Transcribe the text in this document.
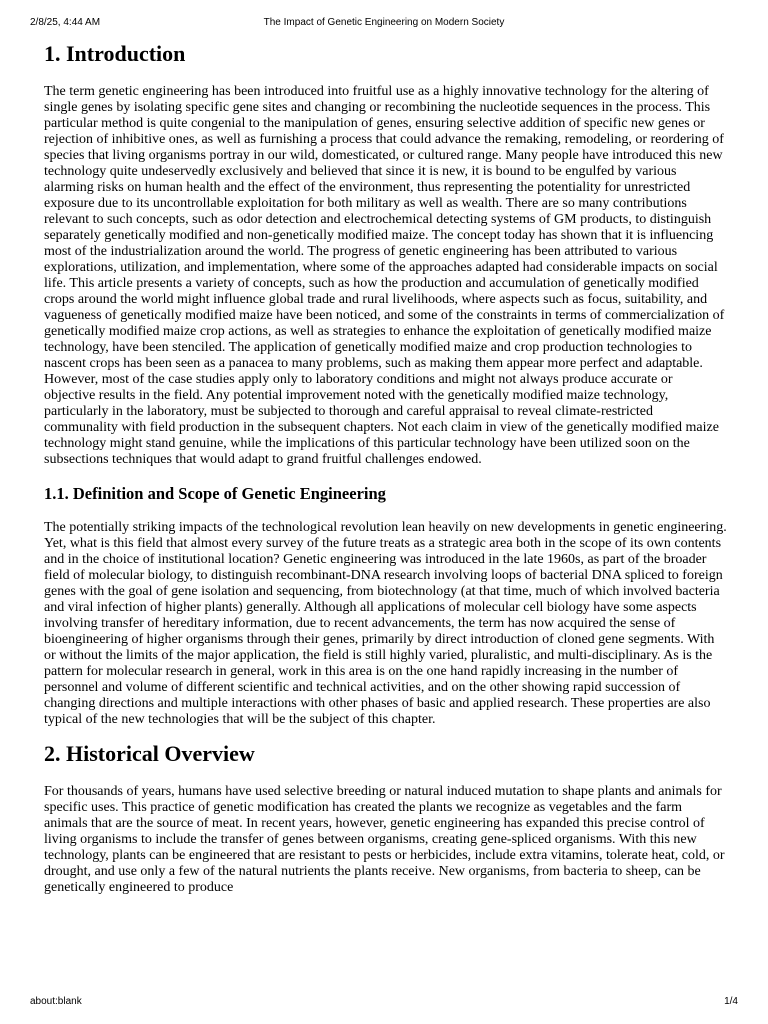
2/8/25, 4:44 AM	The Impact of Genetic Engineering on Modern Society
1. Introduction

The term genetic engineering has been introduced into fruitful use as a highly innovative technology for the altering of single genes by isolating specific gene sites and changing or recombining the nucleotide sequences in the process. This particular method is quite congenial to the manipulation of genes, ensuring selective addition of specific new genes or rejection of inhibitive ones, as well as furnishing a process that could advance the remaking, remodeling, or reordering of species that living organisms portray in our wild, domesticated, or cultured range. Many people have introduced this new technology quite undeservedly exclusively and believed that since it is new, it is bound to be engulfed by various alarming risks on human health and the effect of the environment, thus representing the potentiality for unrestricted exposure due to its uncontrollable exploitation for both military as well as wealth. There are so many contributions relevant to such concepts, such as odor detection and electrochemical detecting systems of GM products, to distinguish separately genetically modified and non-genetically modified maize. The concept today has shown that it is influencing most of the industrialization around the world. The progress of genetic engineering has been attributed to various explorations, utilization, and implementation, where some of the approaches adapted had considerable impacts on social life. This article presents a variety of concepts, such as how the production and accumulation of genetically modified crops around the world might influence global trade and rural livelihoods, where aspects such as focus, suitability, and vagueness of genetically modified maize have been noticed, and some of the constraints in terms of commercialization of genetically modified maize crop actions, as well as strategies to enhance the exploitation of genetically modified maize technology, have been stenciled. The application of genetically modified maize and crop production technologies to nascent crops has been seen as a panacea to many problems, such as making them appear more perfect and adaptable. However, most of the case studies apply only to laboratory conditions and might not always produce accurate or objective results in the field. Any potential improvement noted with the genetically modified maize technology, particularly in the laboratory, must be subjected to thorough and careful appraisal to reveal climate-restricted communality with field production in the subsequent chapters. Not each claim in view of the genetically modified maize technology might stand genuine, while the implications of this particular technology have been utilized soon on the subsections techniques that would adapt to grand fruitful challenges endowed.

1.1. Definition and Scope of Genetic Engineering

The potentially striking impacts of the technological revolution lean heavily on new developments in genetic engineering. Yet, what is this field that almost every survey of the future treats as a strategic area both in the scope of its own contents and in the choice of institutional location? Genetic engineering was introduced in the late 1960s, as part of the broader field of molecular biology, to distinguish recombinant-DNA research involving loops of bacterial DNA spliced to foreign genes with the goal of gene isolation and sequencing, from biotechnology (at that time, much of which involved bacteria and viral infection of higher plants) generally. Although all applications of molecular cell biology have some aspects involving transfer of hereditary information, due to recent advancements, the term has now acquired the sense of bioengineering of higher organisms through their genes, primarily by direct introduction of cloned gene segments. With or without the limits of the major application, the field is still highly varied, pluralistic, and multi-disciplinary. As is the pattern for molecular research in general, work in this area is on the one hand rapidly increasing in the number of personnel and volume of different scientific and technical activities, and on the other showing rapid succession of changing directions and multiple interactions with other phases of basic and applied research. These properties are also typical of the new technologies that will be the subject of this chapter.

2. Historical Overview

For thousands of years, humans have used selective breeding or natural induced mutation to shape plants and animals for specific uses. This practice of genetic modification has created the plants we recognize as vegetables and the farm animals that are the source of meat. In recent years, however, genetic engineering has expanded this precise control of living organisms to include the transfer of genes between organisms, creating gene-spliced organisms. With this new technology, plants can be engineered that are resistant to pests or herbicides, include extra vitamins, tolerate heat, cold, or drought, and use only a few of the natural nutrients the plants receive. New organisms, from bacteria to sheep, can be genetically engineered to produce

about:blank	1/4
